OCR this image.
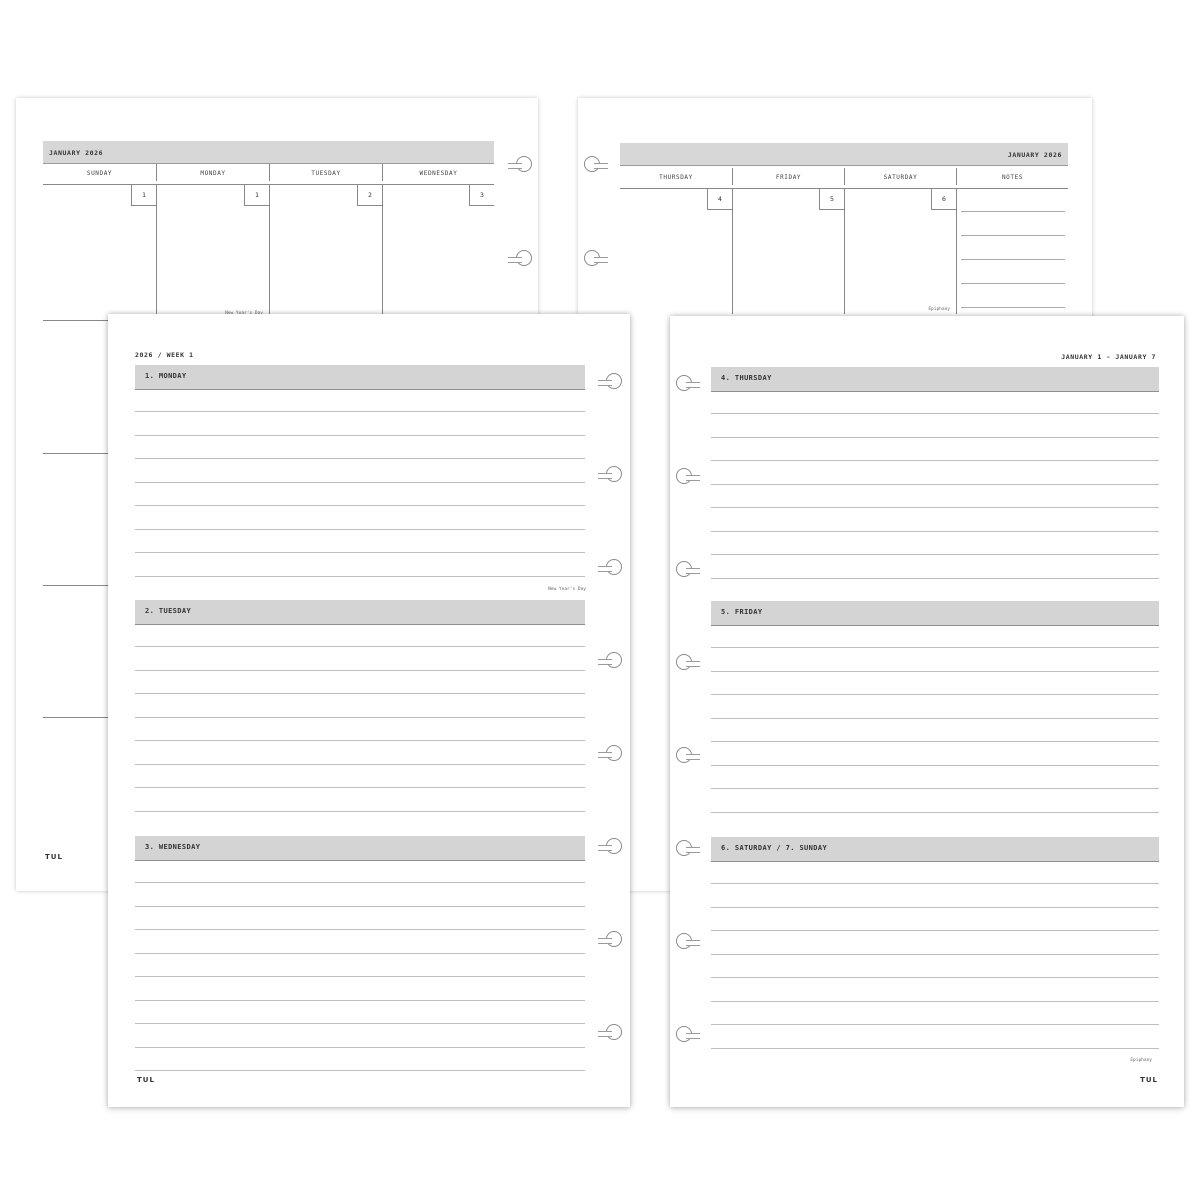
JANUARY 2026
SUNDAY	MONDAY	TUESDAY	WEDNESDAY
1	1	2	3
TUL
JANUARY 2026
THURSDAY	FRIDAY	SATURDAY	NOTES
4	5	6
Epiphany
2026 / WEEK 1
1. MONDAY
New Year's Day
2. TUESDAY
3. WEDNESDAY
TUL
JANUARY 1 - JANUARY 7
4. THURSDAY
5. FRIDAY
6. SATURDAY / 7. SUNDAY
Epiphany
TUL
